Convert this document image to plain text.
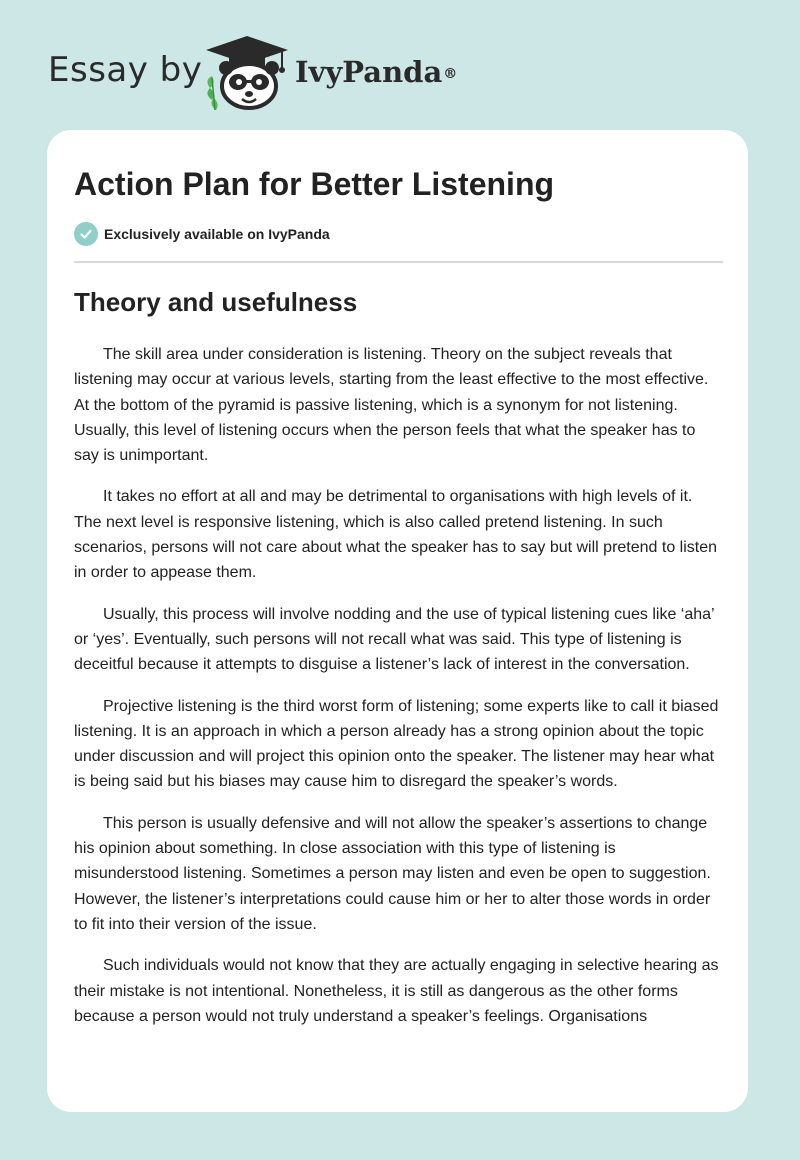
Essay by	IvyPanda®
Action Plan for Better Listening
Exclusively available on IvyPanda
Theory and usefulness

The skill area under consideration is listening. Theory on the subject reveals that listening may occur at various levels, starting from the least effective to the most effective. At the bottom of the pyramid is passive listening, which is a synonym for not listening. Usually, this level of listening occurs when the person feels that what the speaker has to say is unimportant.

It takes no effort at all and may be detrimental to organisations with high levels of it. The next level is responsive listening, which is also called pretend listening. In such scenarios, persons will not care about what the speaker has to say but will pretend to listen in order to appease them.

Usually, this process will involve nodding and the use of typical listening cues like ‘aha’ or ‘yes’. Eventually, such persons will not recall what was said. This type of listening is deceitful because it attempts to disguise a listener’s lack of interest in the conversation.

Projective listening is the third worst form of listening; some experts like to call it biased listening. It is an approach in which a person already has a strong opinion about the topic under discussion and will project this opinion onto the speaker. The listener may hear what is being said but his biases may cause him to disregard the speaker’s words.

This person is usually defensive and will not allow the speaker’s assertions to change his opinion about something. In close association with this type of listening is misunderstood listening. Sometimes a person may listen and even be open to suggestion. However, the listener’s interpretations could cause him or her to alter those words in order to fit into their version of the issue.

Such individuals would not know that they are actually engaging in selective hearing as their mistake is not intentional. Nonetheless, it is still as dangerous as the other forms because a person would not truly understand a speaker’s feelings. Organisations
